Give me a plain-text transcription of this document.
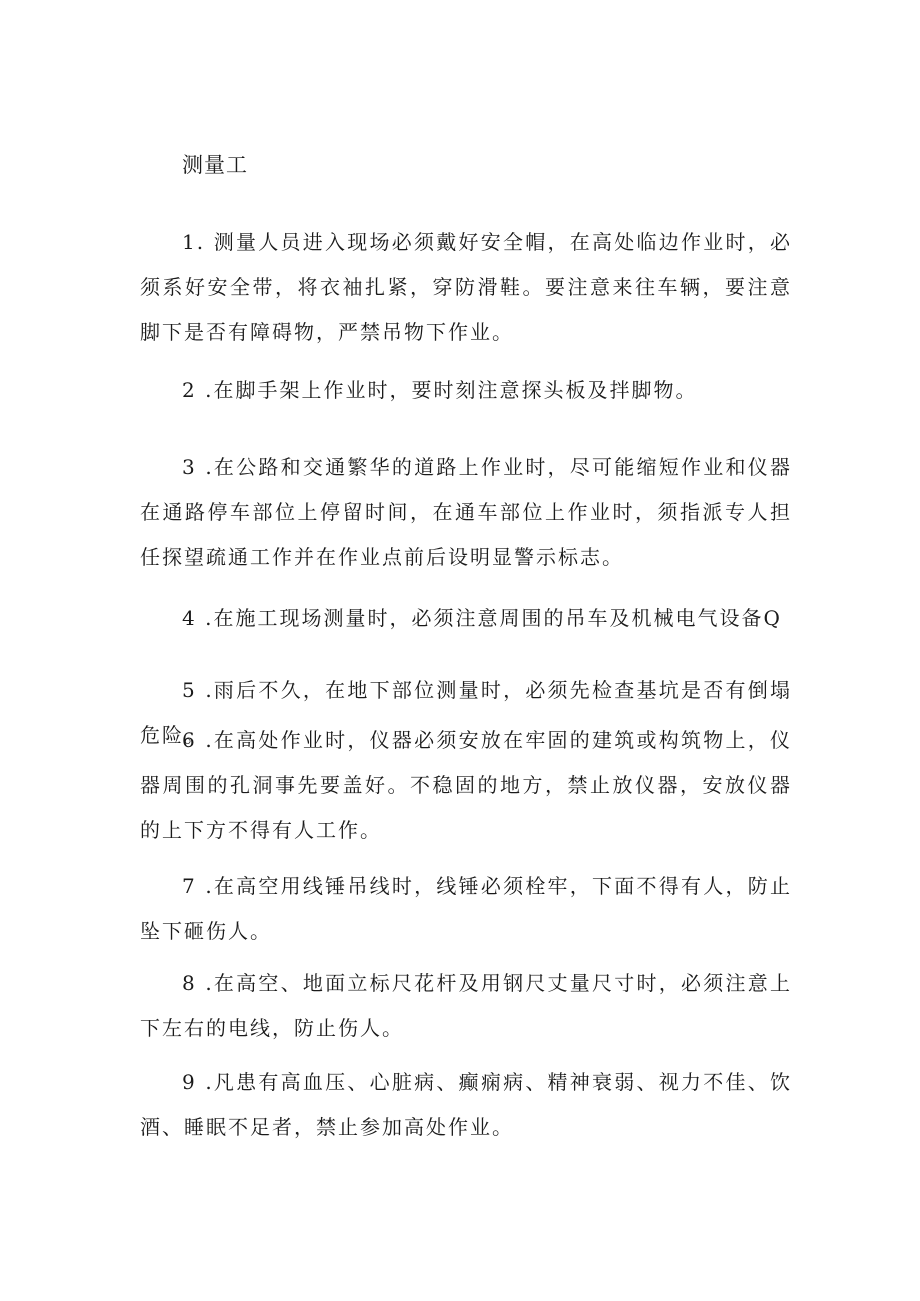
测量工
1. 测量人员进入现场必须戴好安全帽，在高处临边作业时，必须系好安全带，将衣袖扎紧，穿防滑鞋。要注意来往车辆，要注意脚下是否有障碍物，严禁吊物下作业。
2 .在脚手架上作业时，要时刻注意探头板及拌脚物。
3 .在公路和交通繁华的道路上作业时，尽可能缩短作业和仪器在通路停车部位上停留时间，在通车部位上作业时，须指派专人担任探望疏通工作并在作业点前后设明显警示标志。
4 .在施工现场测量时，必须注意周围的吊车及机械电气设备Q
5 .雨后不久，在地下部位测量时，必须先检查基坑是否有倒塌危险。
6 .在高处作业时，仪器必须安放在牢固的建筑或构筑物上，仪器周围的孔洞事先要盖好。不稳固的地方，禁止放仪器，安放仪器的上下方不得有人工作。
7 .在高空用线锤吊线时，线锤必须栓牢，下面不得有人，防止坠下砸伤人。
8 .在高空、地面立标尺花杆及用钢尺丈量尺寸时，必须注意上下左右的电线，防止伤人。
9 .凡患有高血压、心脏病、癫痫病、精神衰弱、视力不佳、饮酒、睡眠不足者，禁止参加高处作业。
